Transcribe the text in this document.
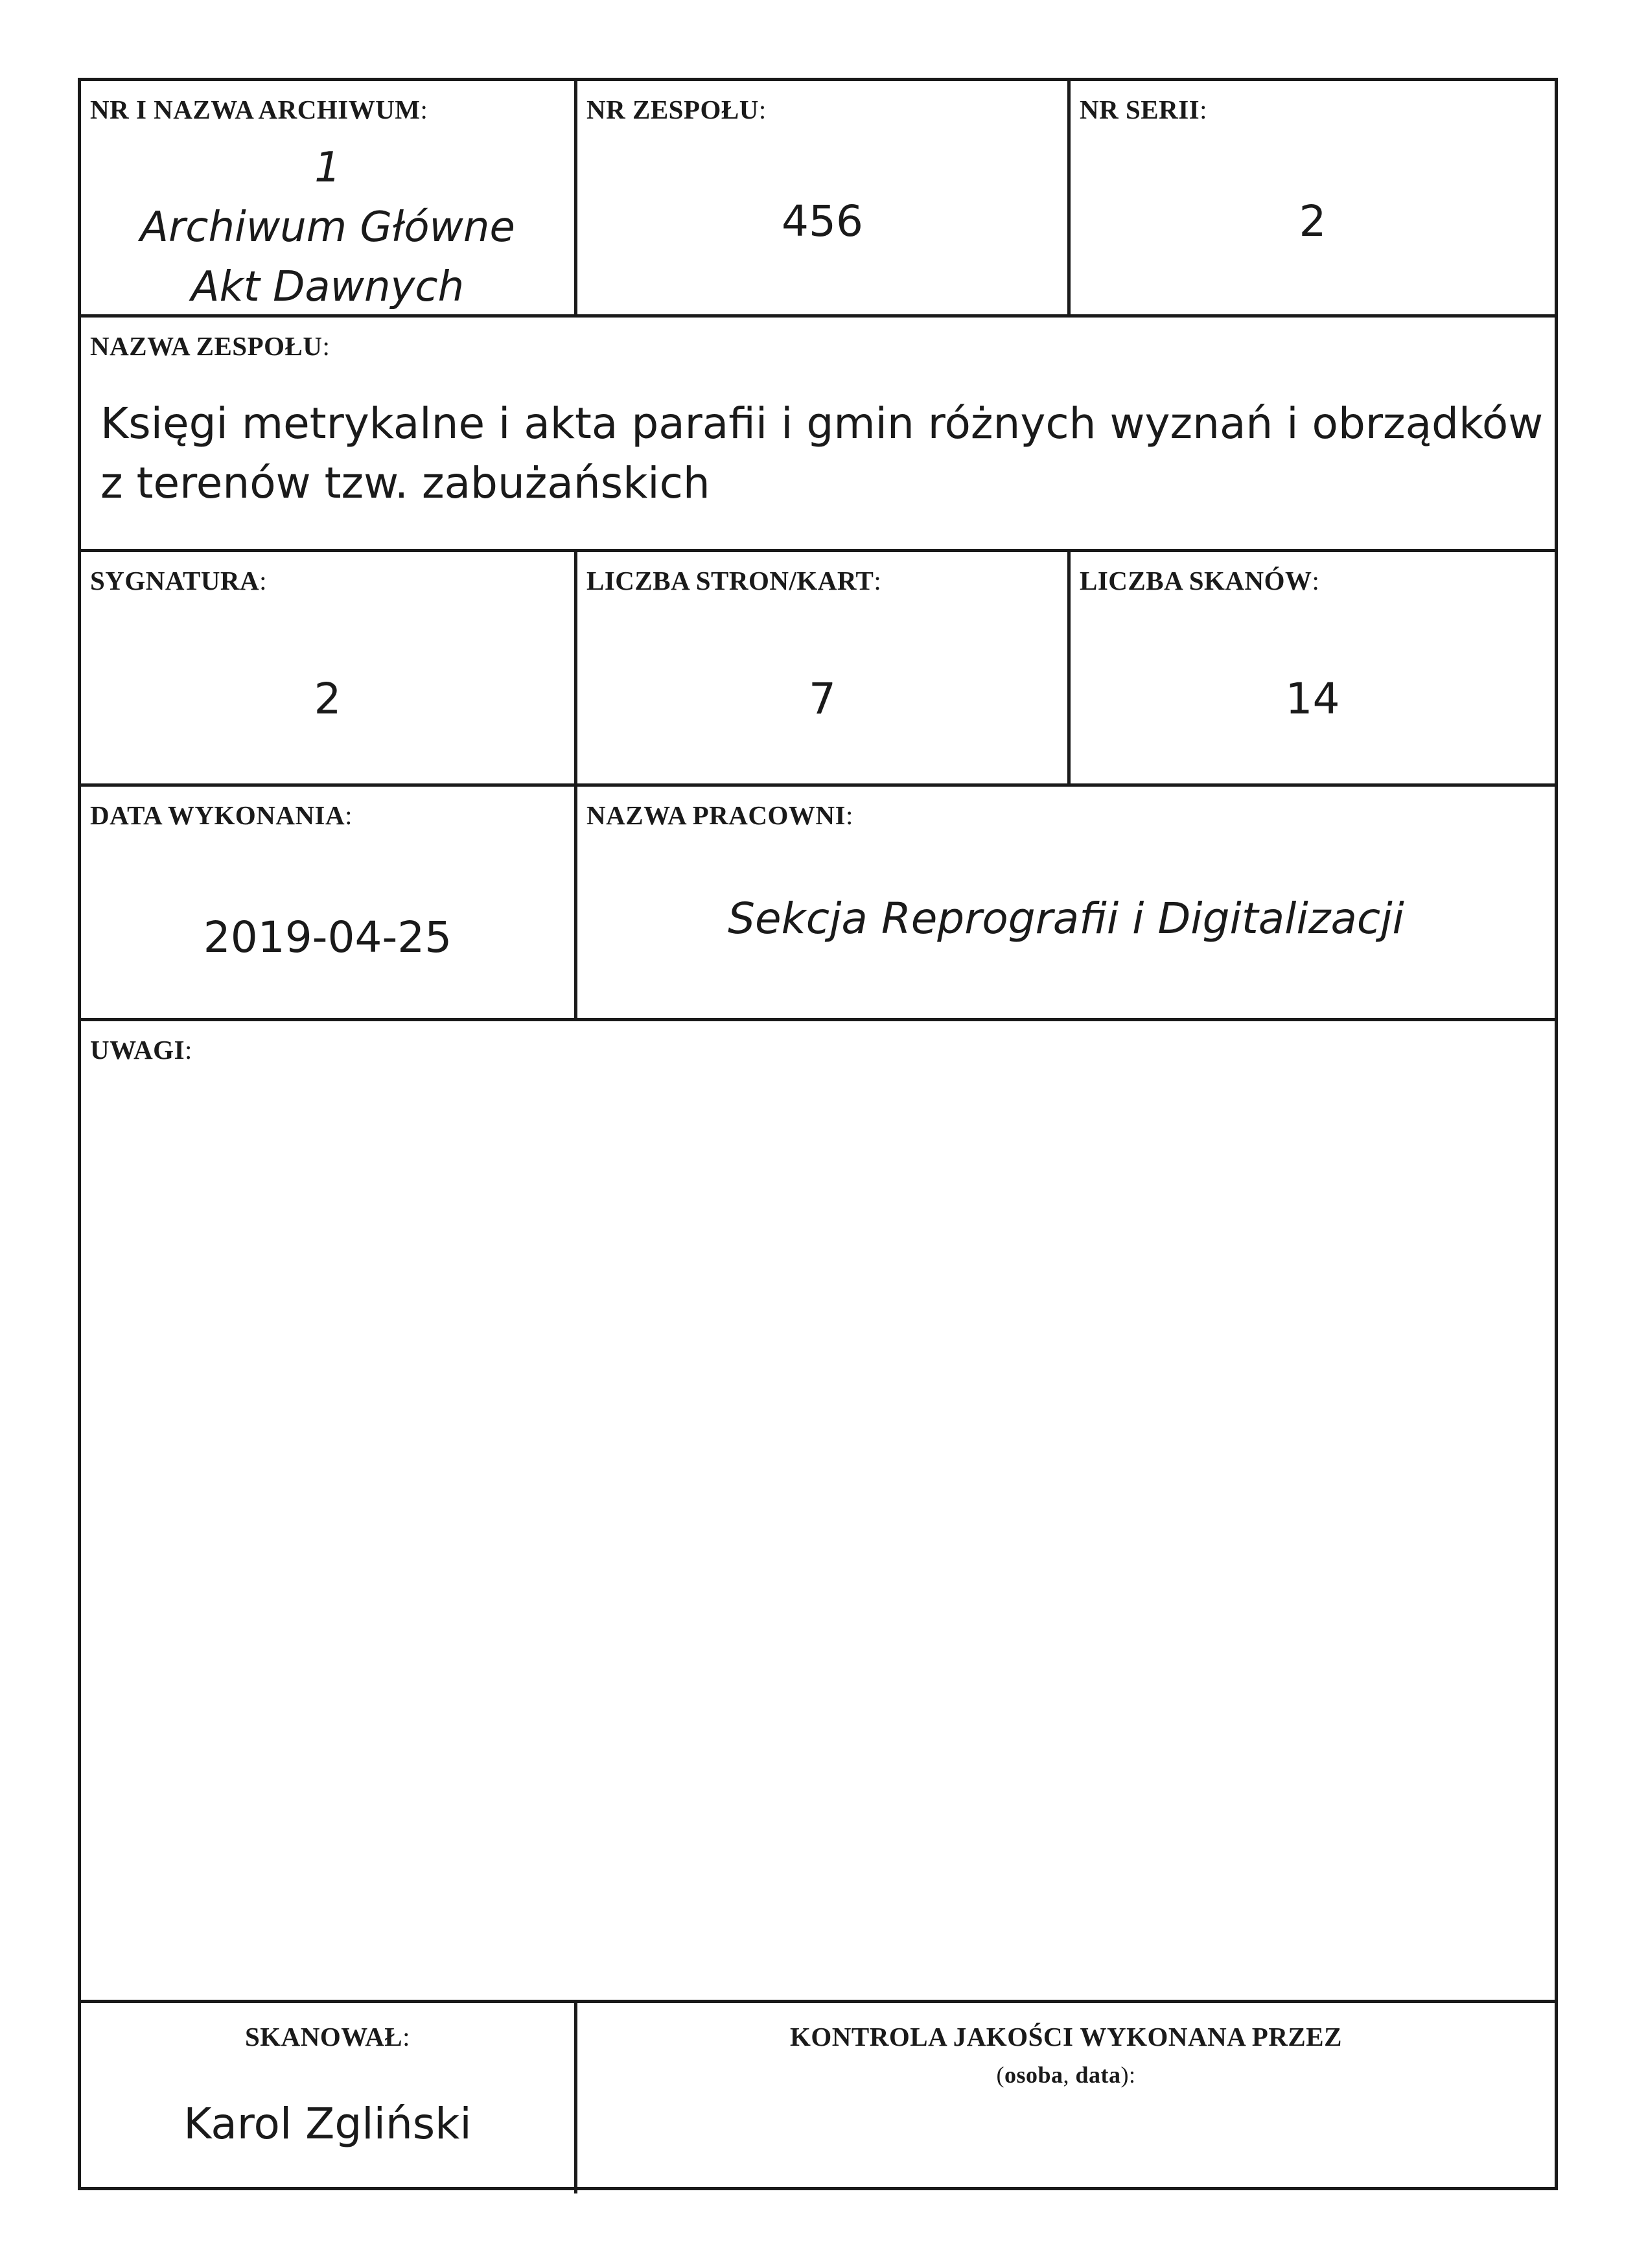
NR I NAZWA ARCHIWUM:
1
Archiwum Główne
Akt Dawnych
NR ZESPOŁU:
456
NR SERII:
2
NAZWA ZESPOŁU:
Księgi metrykalne i akta parafii i gmin różnych wyznań i obrządków
z terenów tzw. zabużańskich
SYGNATURA:
2
LICZBA STRON/KART:
7
LICZBA SKANÓW:
14
DATA WYKONANIA:
2019-04-25
NAZWA PRACOWNI:
Sekcja Reprografii i Digitalizacji
UWAGI:
SKANOWAŁ:
Karol Zgliński
KONTROLA JAKOŚCI WYKONANA PRZEZ
(osoba, data):
